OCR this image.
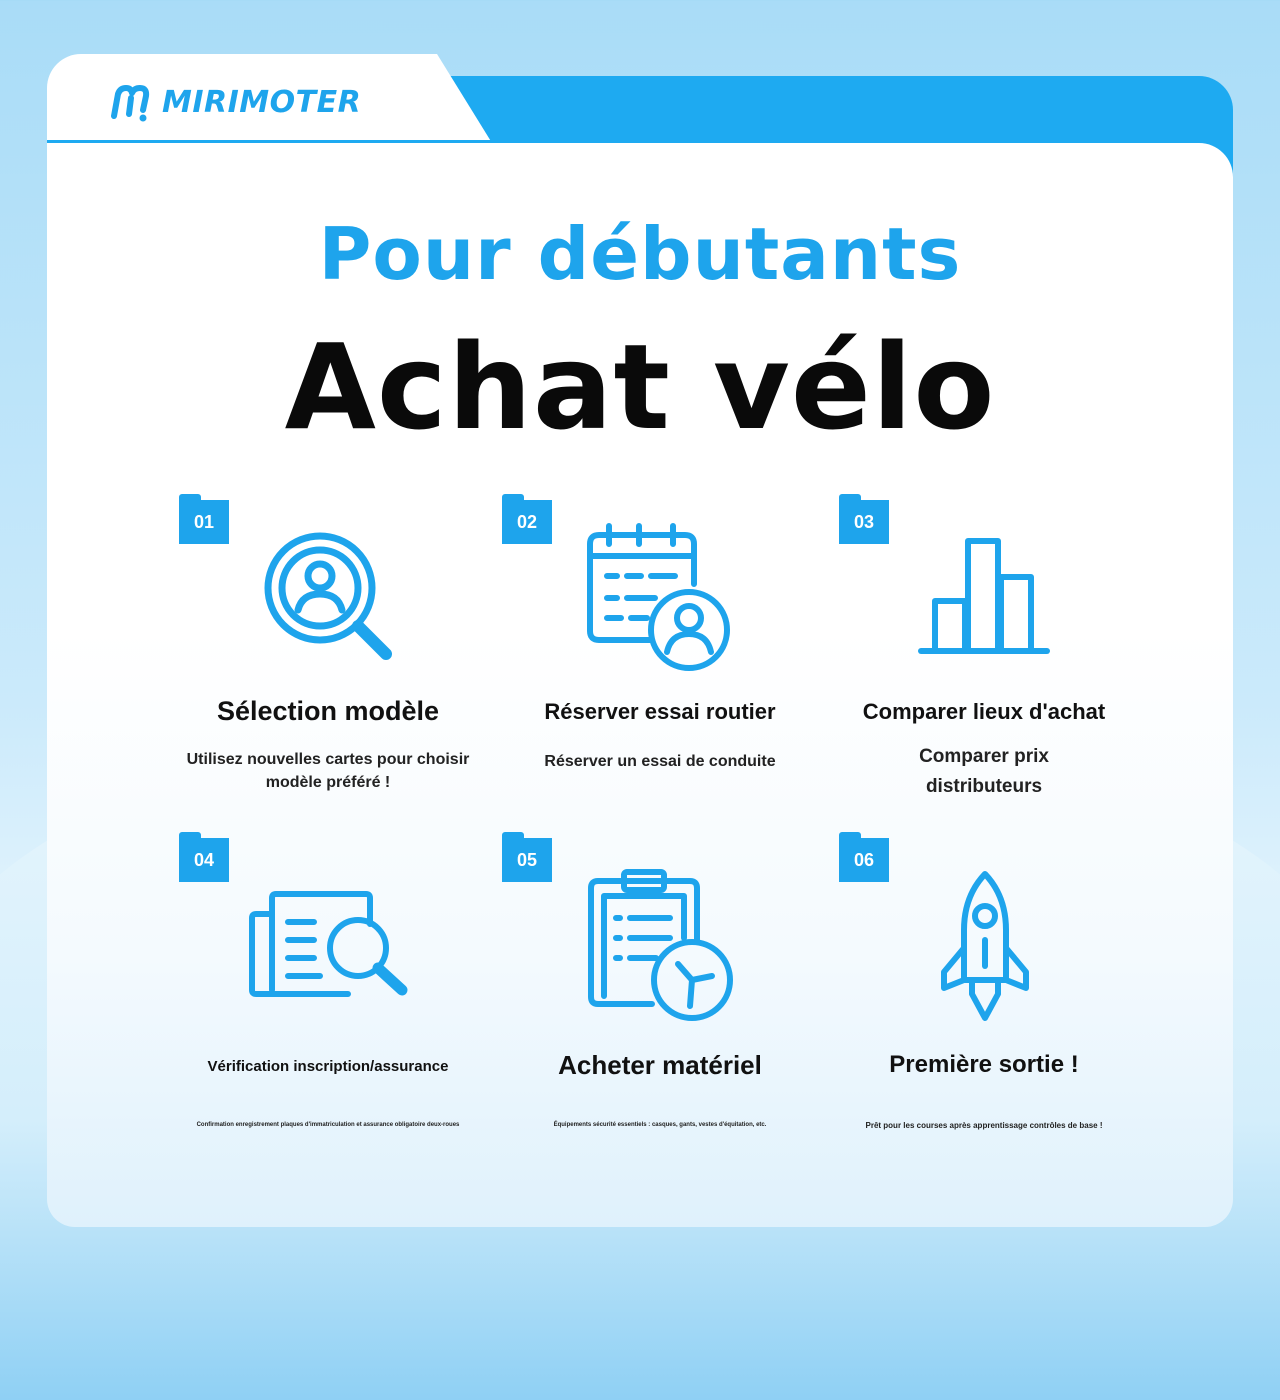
MIRIMOTER
Pour débutants
Achat vélo
01
Sélection modèle
Utilisez nouvelles cartes pour choisir modèle préféré !
02
Réserver essai routier
Réserver un essai de conduite
03
Comparer lieux d'achat
Comparer prix distributeurs
04
Vérification inscription/assurance
Confirmation enregistrement plaques d'immatriculation et assurance obligatoire deux-roues
05
Acheter matériel
Équipements sécurité essentiels : casques, gants, vestes d'équitation, etc.
06
Première sortie !
Prêt pour les courses après apprentissage contrôles de base !
